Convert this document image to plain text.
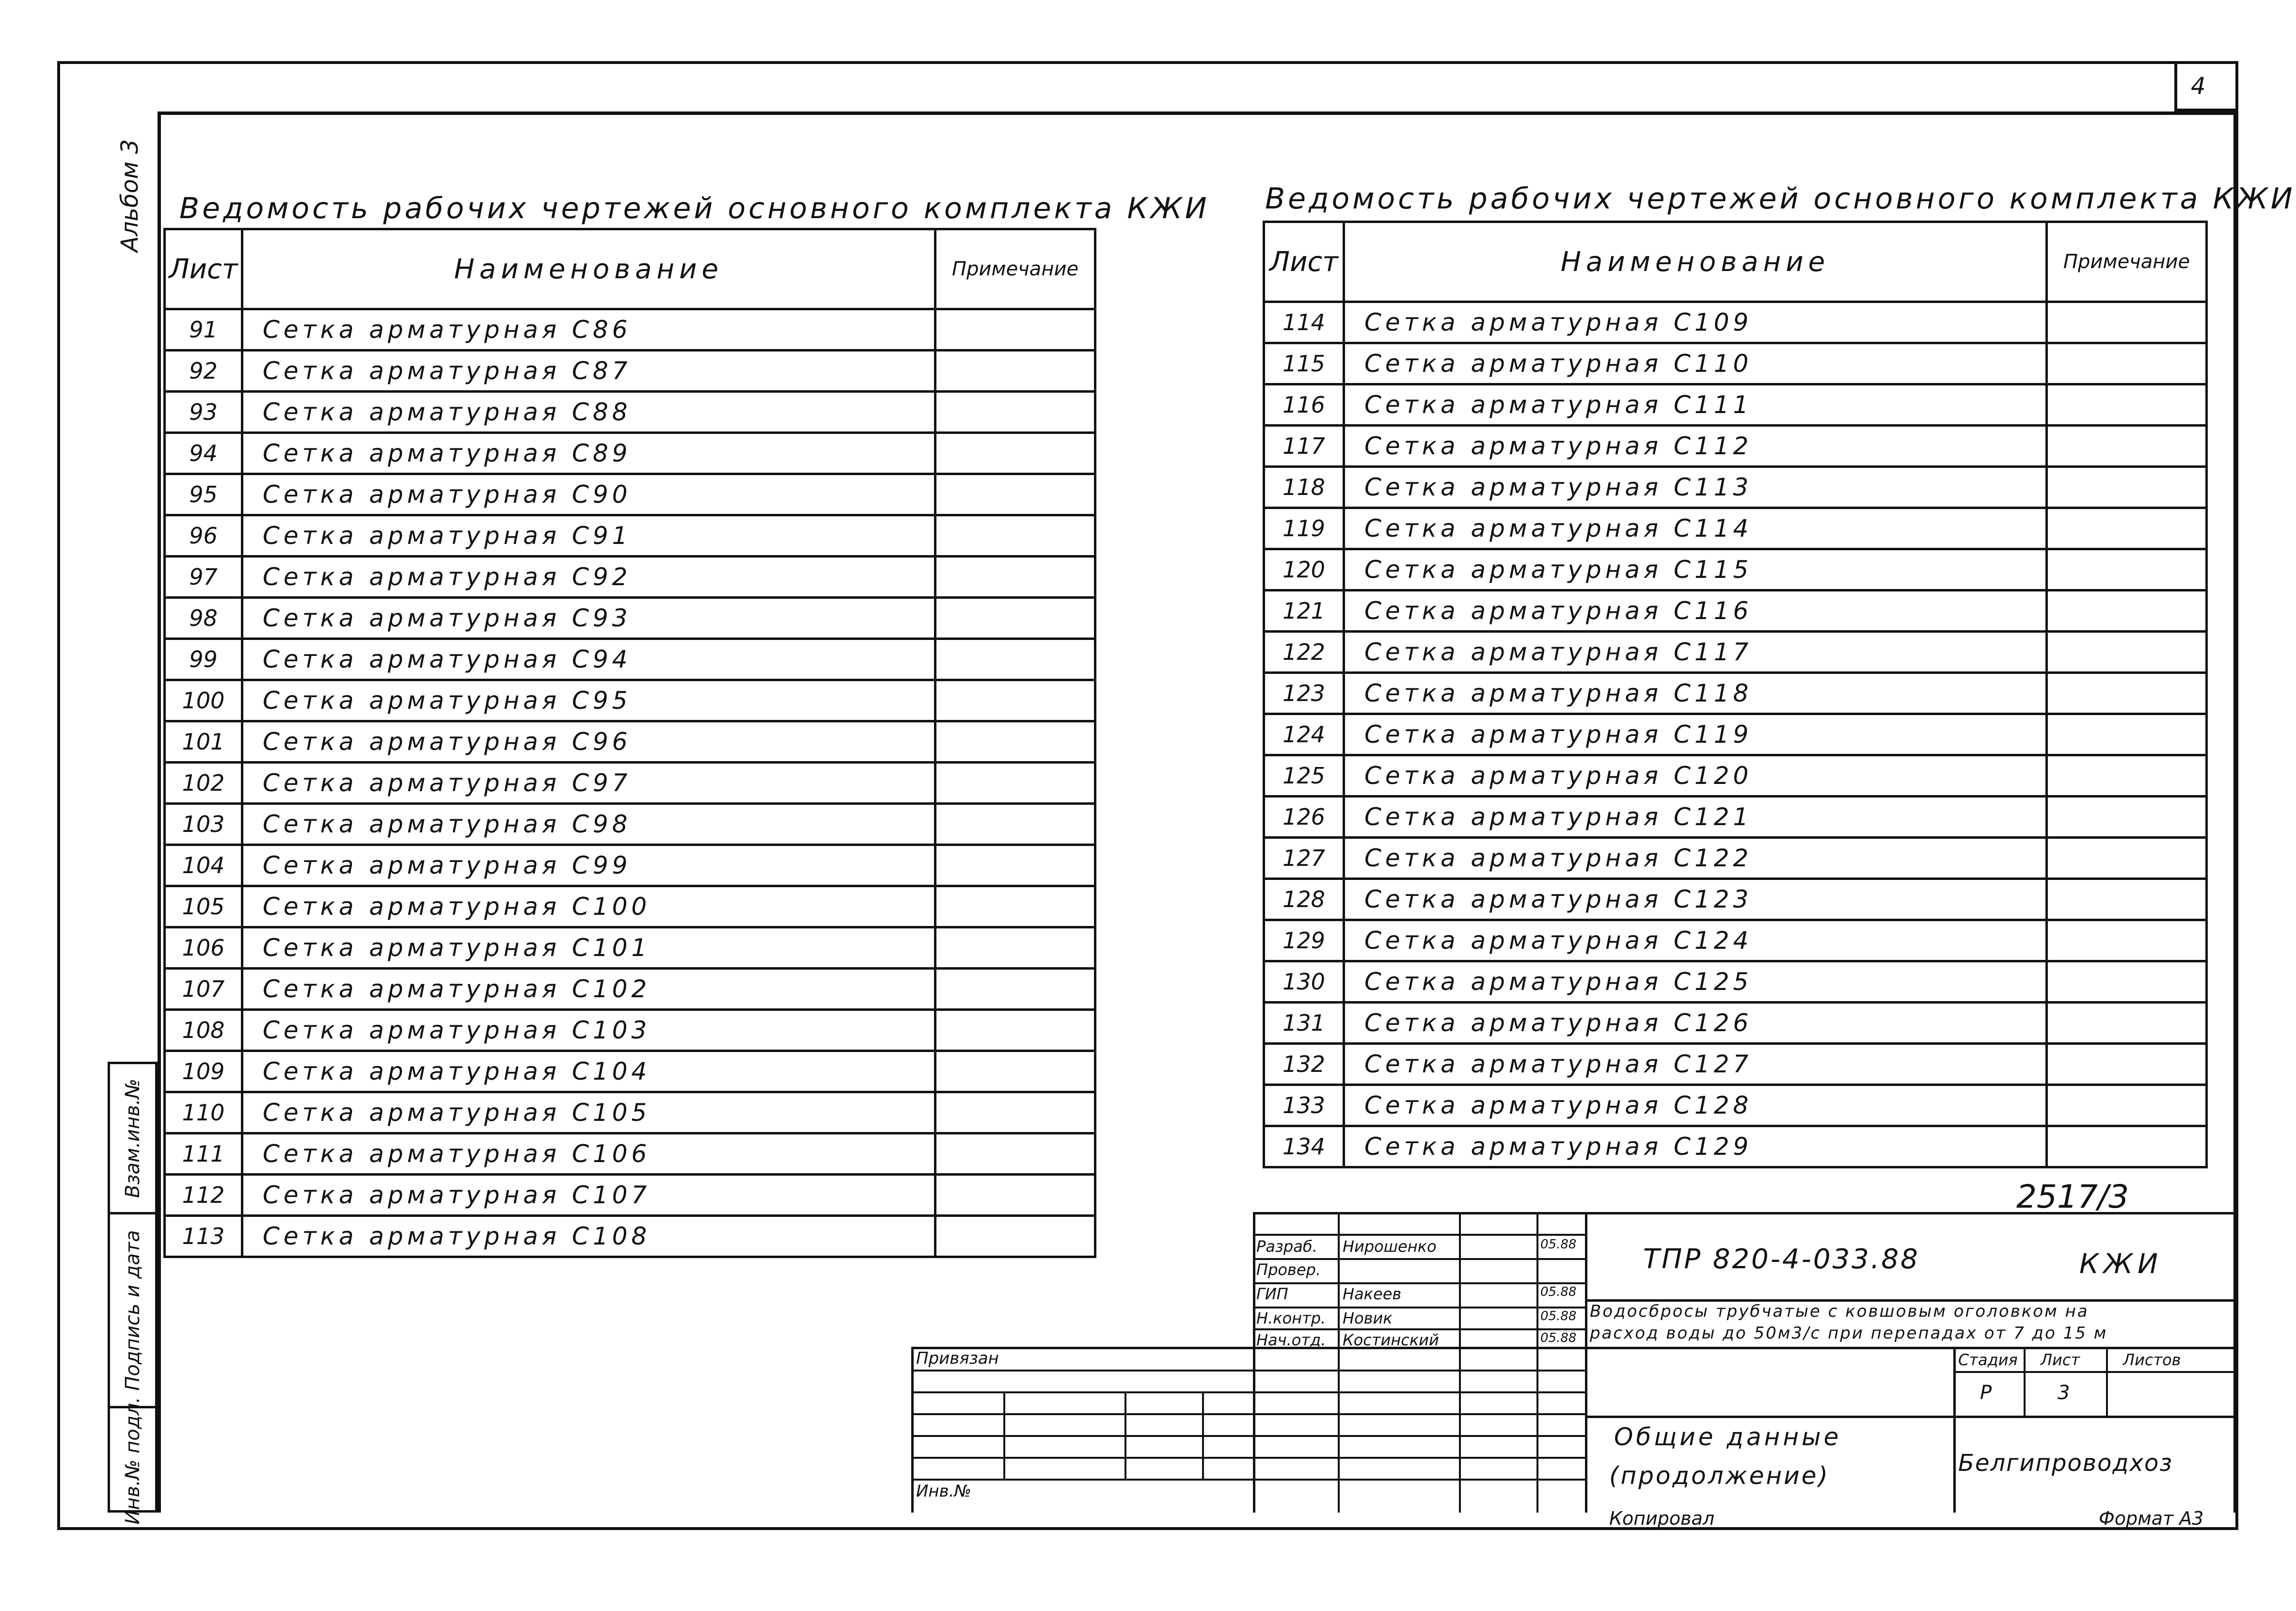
4
Альбом 3 Ведомость рабочих чертежей основного комплекта КЖИ
Лист	Наименование	Примечание
91	Сетка арматурная С86	
92	Сетка арматурная С87	
93	Сетка арматурная С88	
94	Сетка арматурная С89	
95	Сетка арматурная С90	
96	Сетка арматурная С91	
97	Сетка арматурная С92	
98	Сетка арматурная С93	
99	Сетка арматурная С94	
100	Сетка арматурная С95	
101	Сетка арматурная С96	
102	Сетка арматурная С97	
103	Сетка арматурная С98	
104	Сетка арматурная С99	
105	Сетка арматурная С100	
106	Сетка арматурная С101	
107	Сетка арматурная С102	
108	Сетка арматурная С103	
109	Сетка арматурная С104	
110	Сетка арматурная С105	
111	Сетка арматурная С106	
112	Сетка арматурная С107	
113	Сетка арматурная С108	
Ведомость рабочих чертежей основного комплекта КЖИ
Лист	Наименование	Примечание
114	Сетка арматурная С109	
115	Сетка арматурная С110	
116	Сетка арматурная С111	
117	Сетка арматурная С112	
118	Сетка арматурная С113	
119	Сетка арматурная С114	
120	Сетка арматурная С115	
121	Сетка арматурная С116	
122	Сетка арматурная С117	
123	Сетка арматурная С118	
124	Сетка арматурная С119	
125	Сетка арматурная С120	
126	Сетка арматурная С121	
127	Сетка арматурная С122	
128	Сетка арматурная С123	
129	Сетка арматурная С124	
130	Сетка арматурная С125	
131	Сетка арматурная С126	
132	Сетка арматурная С127	
133	Сетка арматурная С128	
134	Сетка арматурная С129	
Взам.инв.№
Подпись и дата
Инв.№ подл.
2517/3
ТПР 820-4-033.88	КЖИ
Водосбросы трубчатые с ковшовым оголовком на
расход воды до 50м3/с при перепадах от 7 до 15 м
Привязан
Инв.№
Разраб. Нирошенко	05.88
Провер.
ГИП	Накеев	05.88
Н.контр. Новик	05.88
Нач.отд. Костинский	05.88
Стадия Лист	Листов
Р	3
Общие данные
(продолжение)	Белгипроводхоз
Копировал	Формат А3
